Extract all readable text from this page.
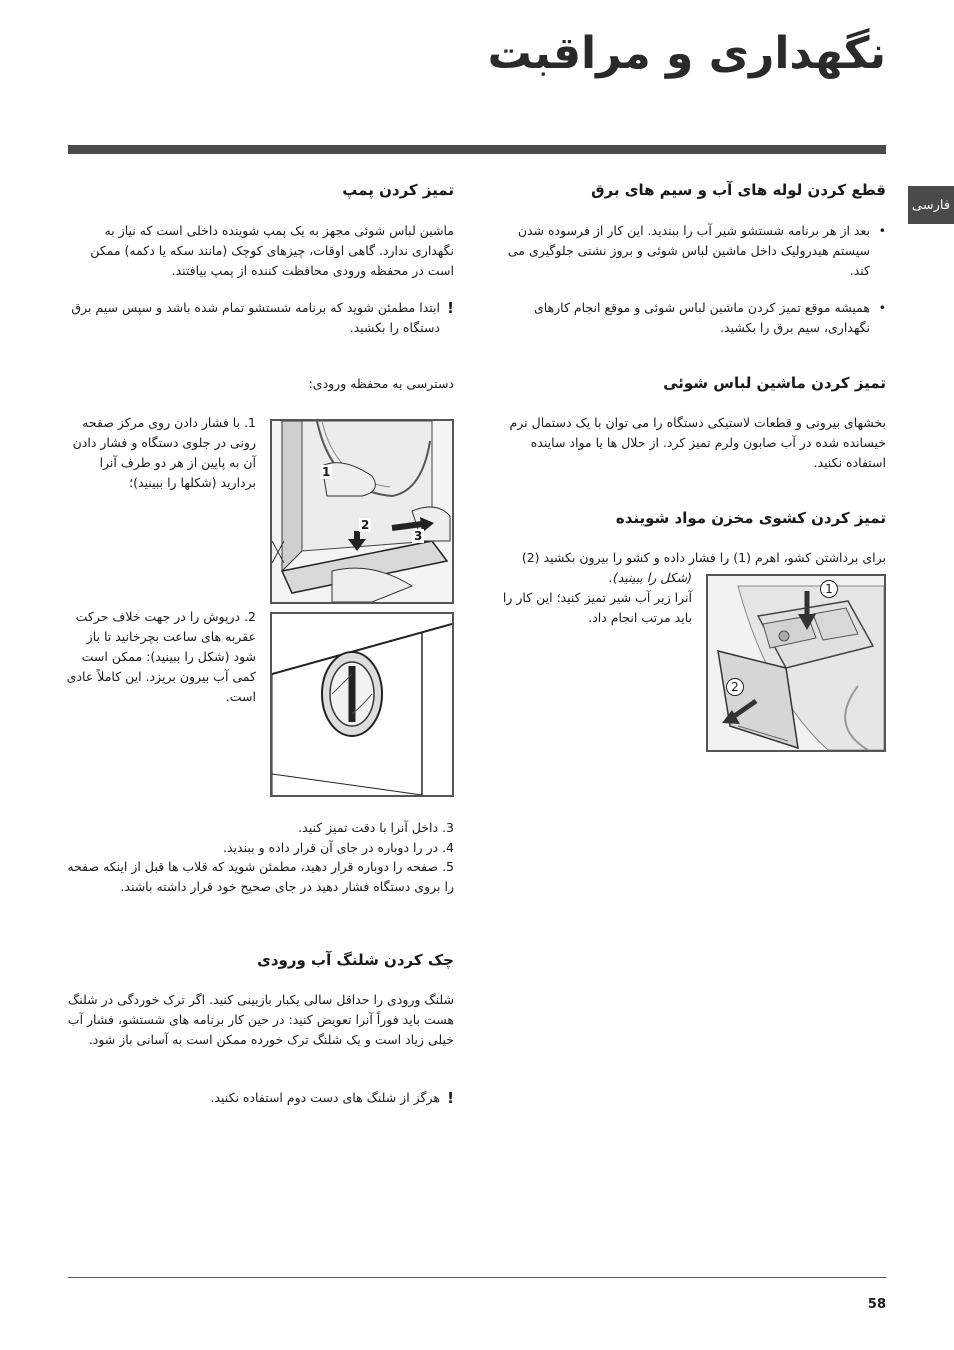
نگهداری و مراقبت
فارسی
قطع کردن لوله های آب و سیم های برق
• بعد از هر برنامه شستشو شیر آب را ببندید. این کار از فرسوده شدن سیستم هیدرولیک داخل ماشین لباس شوئی و بروز نشتی جلوگیری می کند.
• همیشه موقع تمیز کردن ماشین لباس شوئی و موقع انجام کارهای نگهداری، سیم برق را بکشید.
تمیز کردن ماشین لباس شوئی
بخشهای بیرونی و قطعات لاستیکی دستگاه را می توان با یک دستمال نرم خیسانده شده در آب صابون ولرم تمیز کرد. از حلال ها یا مواد ساینده استفاده نکنید.
تمیز کردن کشوی مخزن مواد شوینده
برای برداشتن کشو، اهرم (1) را فشار داده و کشو را بیرون بکشید (2)
(شکل را ببینید).
آنرا زیر آب شیر تمیز کنید؛ این کار را باید مرتب انجام داد.
1
2
تمیز کردن پمپ
ماشین لباس شوئی مجهز به یک پمپ شوینده داخلی است که نیاز به نگهداری ندارد. گاهی اوقات، چیزهای کوچک (مانند سکه یا دکمه) ممکن است در محفظه ورودی محافظت کننده از پمپ بیافتند.
! ابتدا مطمئن شوید که برنامه شستشو تمام شده باشد و سپس سیم برق دستگاه را بکشید.
دسترسی به محفظه ورودی:
1. با فشار دادن روی مرکز صفحه رونی در جلوی دستگاه و فشار دادن آن به پایین از هر دو طرف آنرا بردارید (شکلها را ببینید)؛
1
2
3
2. درپوش را در جهت خلاف حرکت عقربه های ساعت بچرخانید تا باز شود (شکل را ببینید): ممکن است کمی آب بیرون بریزد. این کاملاً عادی است.
3. داخل آنرا با دقت تمیز کنید.
4. در را دوباره در جای آن قرار داده و ببندید.
5. صفحه را دوباره قرار دهید، مطمئن شوید که قلاب ها قبل از اینکه صفحه را بروی دستگاه فشار دهید در جای صحیح خود قرار داشته باشند.
چک کردن شلنگ آب ورودی
شلنگ ورودی را حداقل سالی یکبار بازبینی کنید. اگر ترک خوردگی در شلنگ هست باید فوراً آنرا تعویض کنید: در حین کار برنامه های شستشو، فشار آب خیلی زیاد است و یک شلنگ ترک خورده ممکن است به آسانی باز شود.
! هرگز از شلنگ های دست دوم استفاده نکنید.
58
